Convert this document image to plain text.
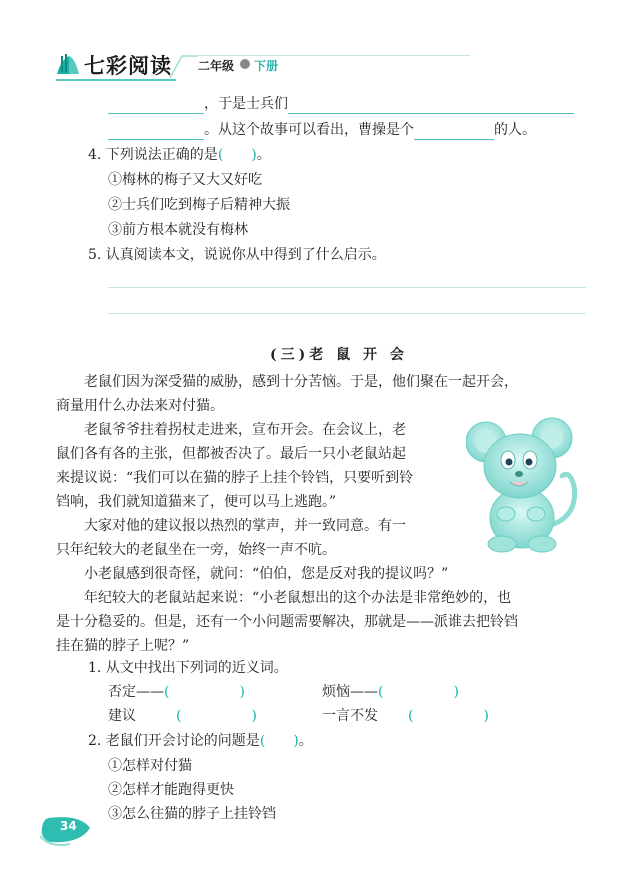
七彩阅读 二年级 下册
，于是士兵们
。从这个故事可以看出，曹操是个	的人。
4. 下列说法正确的是(　　)。
①梅林的梅子又大又好吃
②士兵们吃到梅子后精神大振
③前方根本就没有梅林
5. 认真阅读本文，说说你从中得到了什么启示。
(三)老 鼠 开 会
老鼠们因为深受猫的威胁，感到十分苦恼。于是，他们聚在一起开会，
商量用什么办法来对付猫。
老鼠爷爷拄着拐杖走进来，宣布开会。在会议上，老
鼠们各有各的主张，但都被否决了。最后一只小老鼠站起
来提议说：“我们可以在猫的脖子上挂个铃铛，只要听到铃
铛响，我们就知道猫来了，便可以马上逃跑。”
大家对他的建议报以热烈的掌声，并一致同意。有一
只年纪较大的老鼠坐在一旁，始终一声不吭。
小老鼠感到很奇怪，就问：“伯伯，您是反对我的提议吗？”
年纪较大的老鼠站起来说：“小老鼠想出的这个办法是非常绝妙的，也
是十分稳妥的。但是，还有一个小问题需要解决，那就是——派谁去把铃铛
挂在猫的脖子上呢？”
1. 从文中找出下列词的近义词。
否定——(　　　　　)	烦恼——(　　　　　)
建议	(　　　　　)	一言不发 (　　　　　)
2. 老鼠们开会讨论的问题是(　　)。
①怎样对付猫
②怎样才能跑得更快
③怎么往猫的脖子上挂铃铛
34
